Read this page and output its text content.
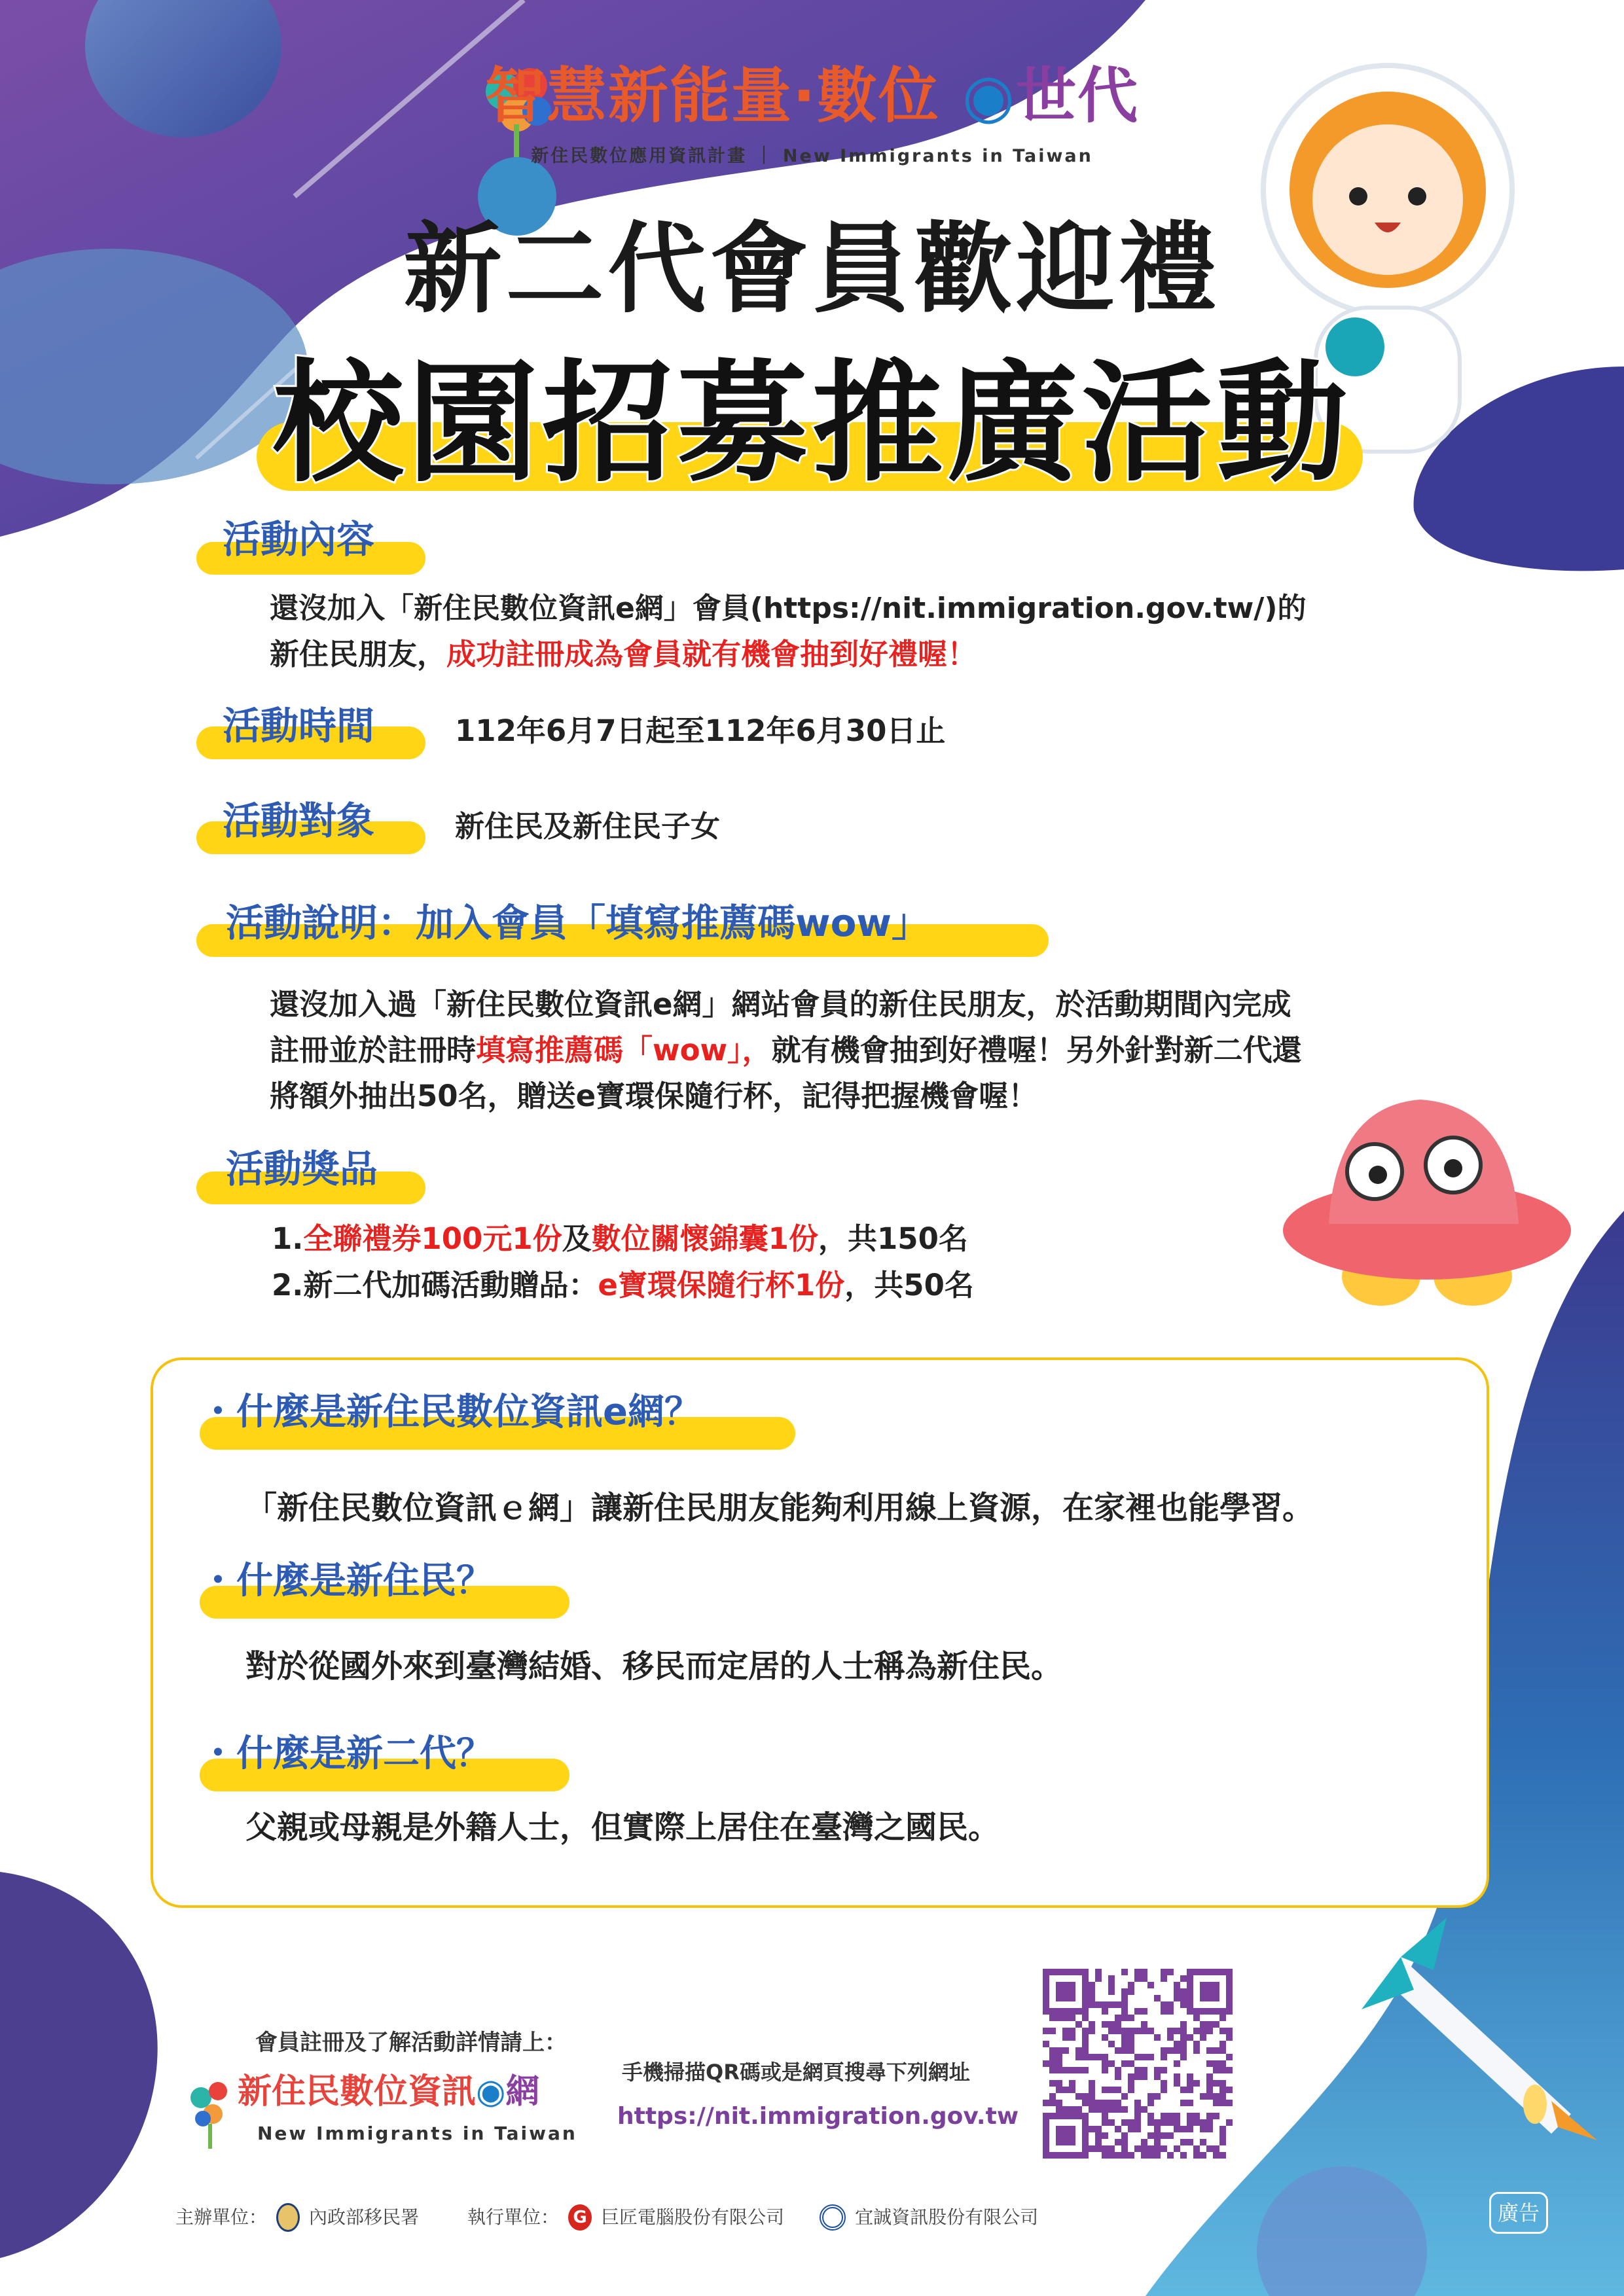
智慧新能量·數位 ◉世代
新住民數位應用資訊計畫 ｜ New Immigrants in Taiwan
新二代會員歡迎禮
校園招募推廣活動
活動內容
還沒加入「新住民數位資訊e網」會員(https://nit.immigration.gov.tw/)的
新住民朋友，成功註冊成為會員就有機會抽到好禮喔！
活動時間	112年6月7日起至112年6月30日止
活動對象	新住民及新住民子女
活動說明：加入會員「填寫推薦碼wow」
還沒加入過「新住民數位資訊e網」網站會員的新住民朋友，於活動期間內完成
註冊並於註冊時填寫推薦碼「wow」，就有機會抽到好禮喔！另外針對新二代還
將額外抽出50名，贈送e寶環保隨行杯，記得把握機會喔！
活動獎品
1.全聯禮券100元1份及數位關懷錦囊1份，共150名
2.新二代加碼活動贈品：e寶環保隨行杯1份，共50名
・什麼是新住民數位資訊e網？
「新住民數位資訊ｅ網」讓新住民朋友能夠利用線上資源，在家裡也能學習。
・什麼是新住民？
對於從國外來到臺灣結婚、移民而定居的人士稱為新住民。
・什麼是新二代？
父親或母親是外籍人士，但實際上居住在臺灣之國民。
會員註冊及了解活動詳情請上：
新住民數位資訊◉網
New Immigrants in Taiwan
手機掃描QR碼或是網頁搜尋下列網址
https://nit.immigration.gov.tw
主辦單位： 內政部移民署	執行單位： G 巨匠電腦股份有限公司	宜誠資訊股份有限公司	廣告
